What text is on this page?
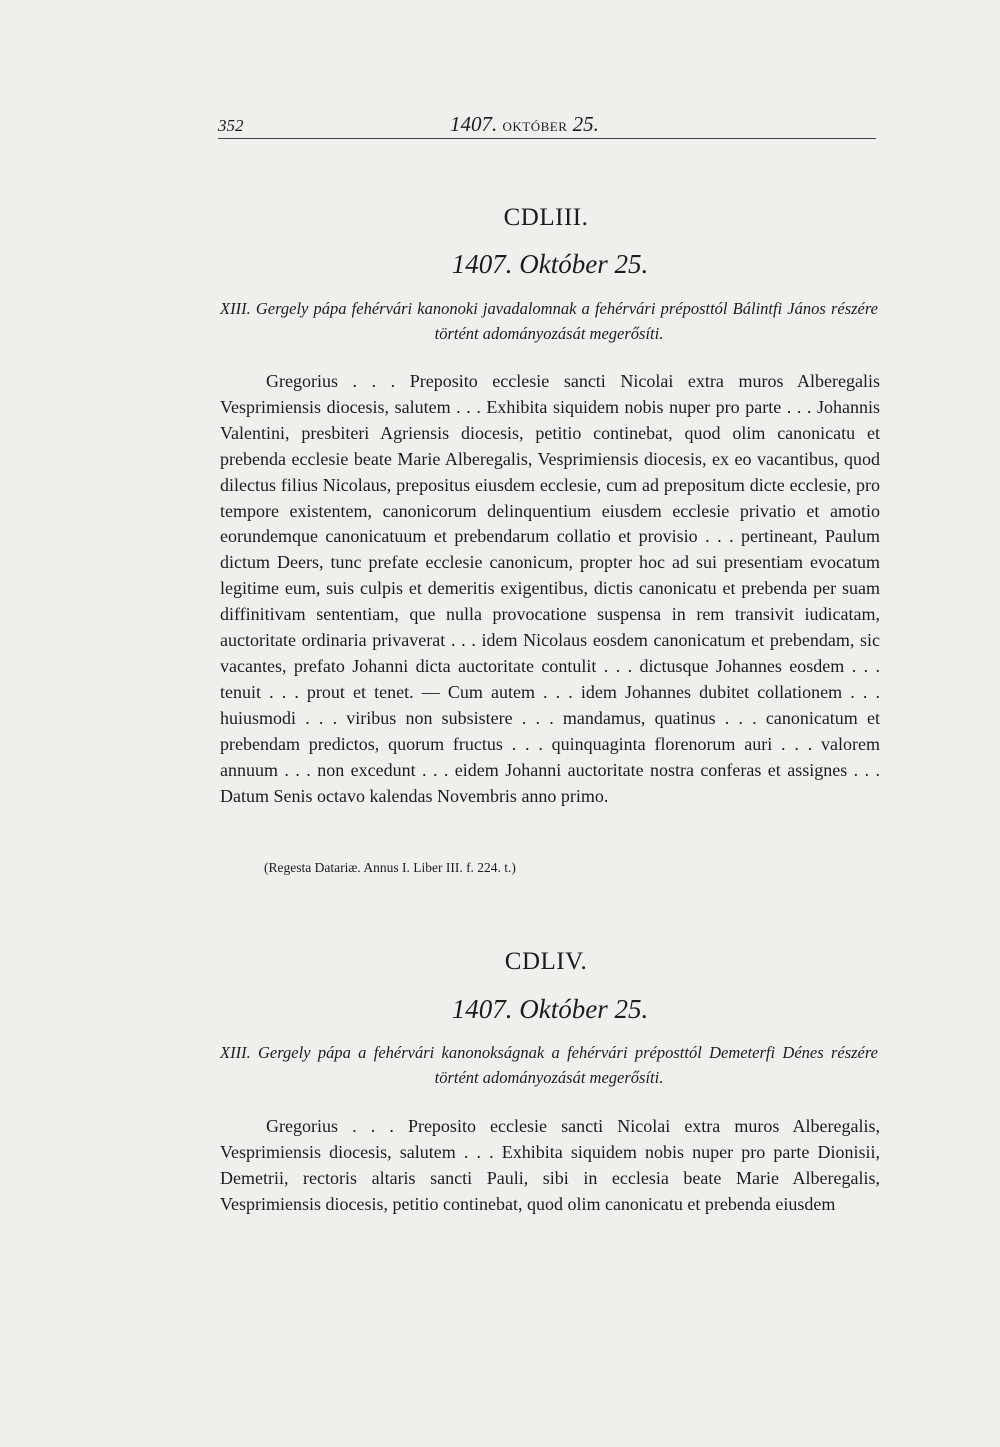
352	1407. OKTÓBER 25.
CDLIII.
1407. Október 25.
XIII. Gergely pápa fehérvári kanonoki javadalomnak a fehérvári préposttól Bálintfi János részére történt adományozását megerősíti.

Gregorius . . . Preposito ecclesie sancti Nicolai extra muros Alberegalis Vesprimiensis diocesis, salutem . . . Exhibita siquidem nobis nuper pro parte . . . Johannis Valentini, presbiteri Agriensis diocesis, petitio continebat, quod olim canonicatu et prebenda ecclesie beate Marie Alberegalis, Vesprimiensis diocesis, ex eo vacantibus, quod dilectus filius Nicolaus, prepositus eiusdem ecclesie, cum ad prepositum dicte ecclesie, pro tempore existentem, canonicorum delinquentium eiusdem ecclesie privatio et amotio eorundemque canonicatuum et prebendarum collatio et provisio . . . pertineant, Paulum dictum Deers, tunc prefate ecclesie canonicum, propter hoc ad sui presentiam evocatum legitime eum, suis culpis et demeritis exigentibus, dictis canonicatu et prebenda per suam diffinitivam sententiam, que nulla provocatione suspensa in rem transivit iudicatam, auctoritate ordinaria privaverat . . . idem Nicolaus eosdem canonicatum et prebendam, sic vacantes, prefato Johanni dicta auctoritate contulit . . . dictusque Johannes eosdem . . . tenuit . . . prout et tenet. — Cum autem . . . idem Johannes dubitet collationem . . . huiusmodi . . . viribus non subsistere . . . mandamus, quatinus . . . canonicatum et prebendam predictos, quorum fructus . . . quinquaginta florenorum auri . . . valorem annuum . . . non excedunt . . . eidem Johanni auctoritate nostra conferas et assignes . . . Datum Senis octavo kalendas Novembris anno primo.

(Regesta Datariæ. Annus I. Liber III. f. 224. t.)
CDLIV.
1407. Október 25.
XIII. Gergely pápa a fehérvári kanonokságnak a fehérvári préposttól Demeterfi Dénes részére történt adományozását megerősíti.

Gregorius . . . Preposito ecclesie sancti Nicolai extra muros Alberegalis, Vesprimiensis diocesis, salutem . . . Exhibita siquidem nobis nuper pro parte Dionisii, Demetrii, rectoris altaris sancti Pauli, sibi in ecclesia beate Marie Alberegalis, Vesprimiensis diocesis, petitio continebat, quod olim canonicatu et prebenda eiusdem
